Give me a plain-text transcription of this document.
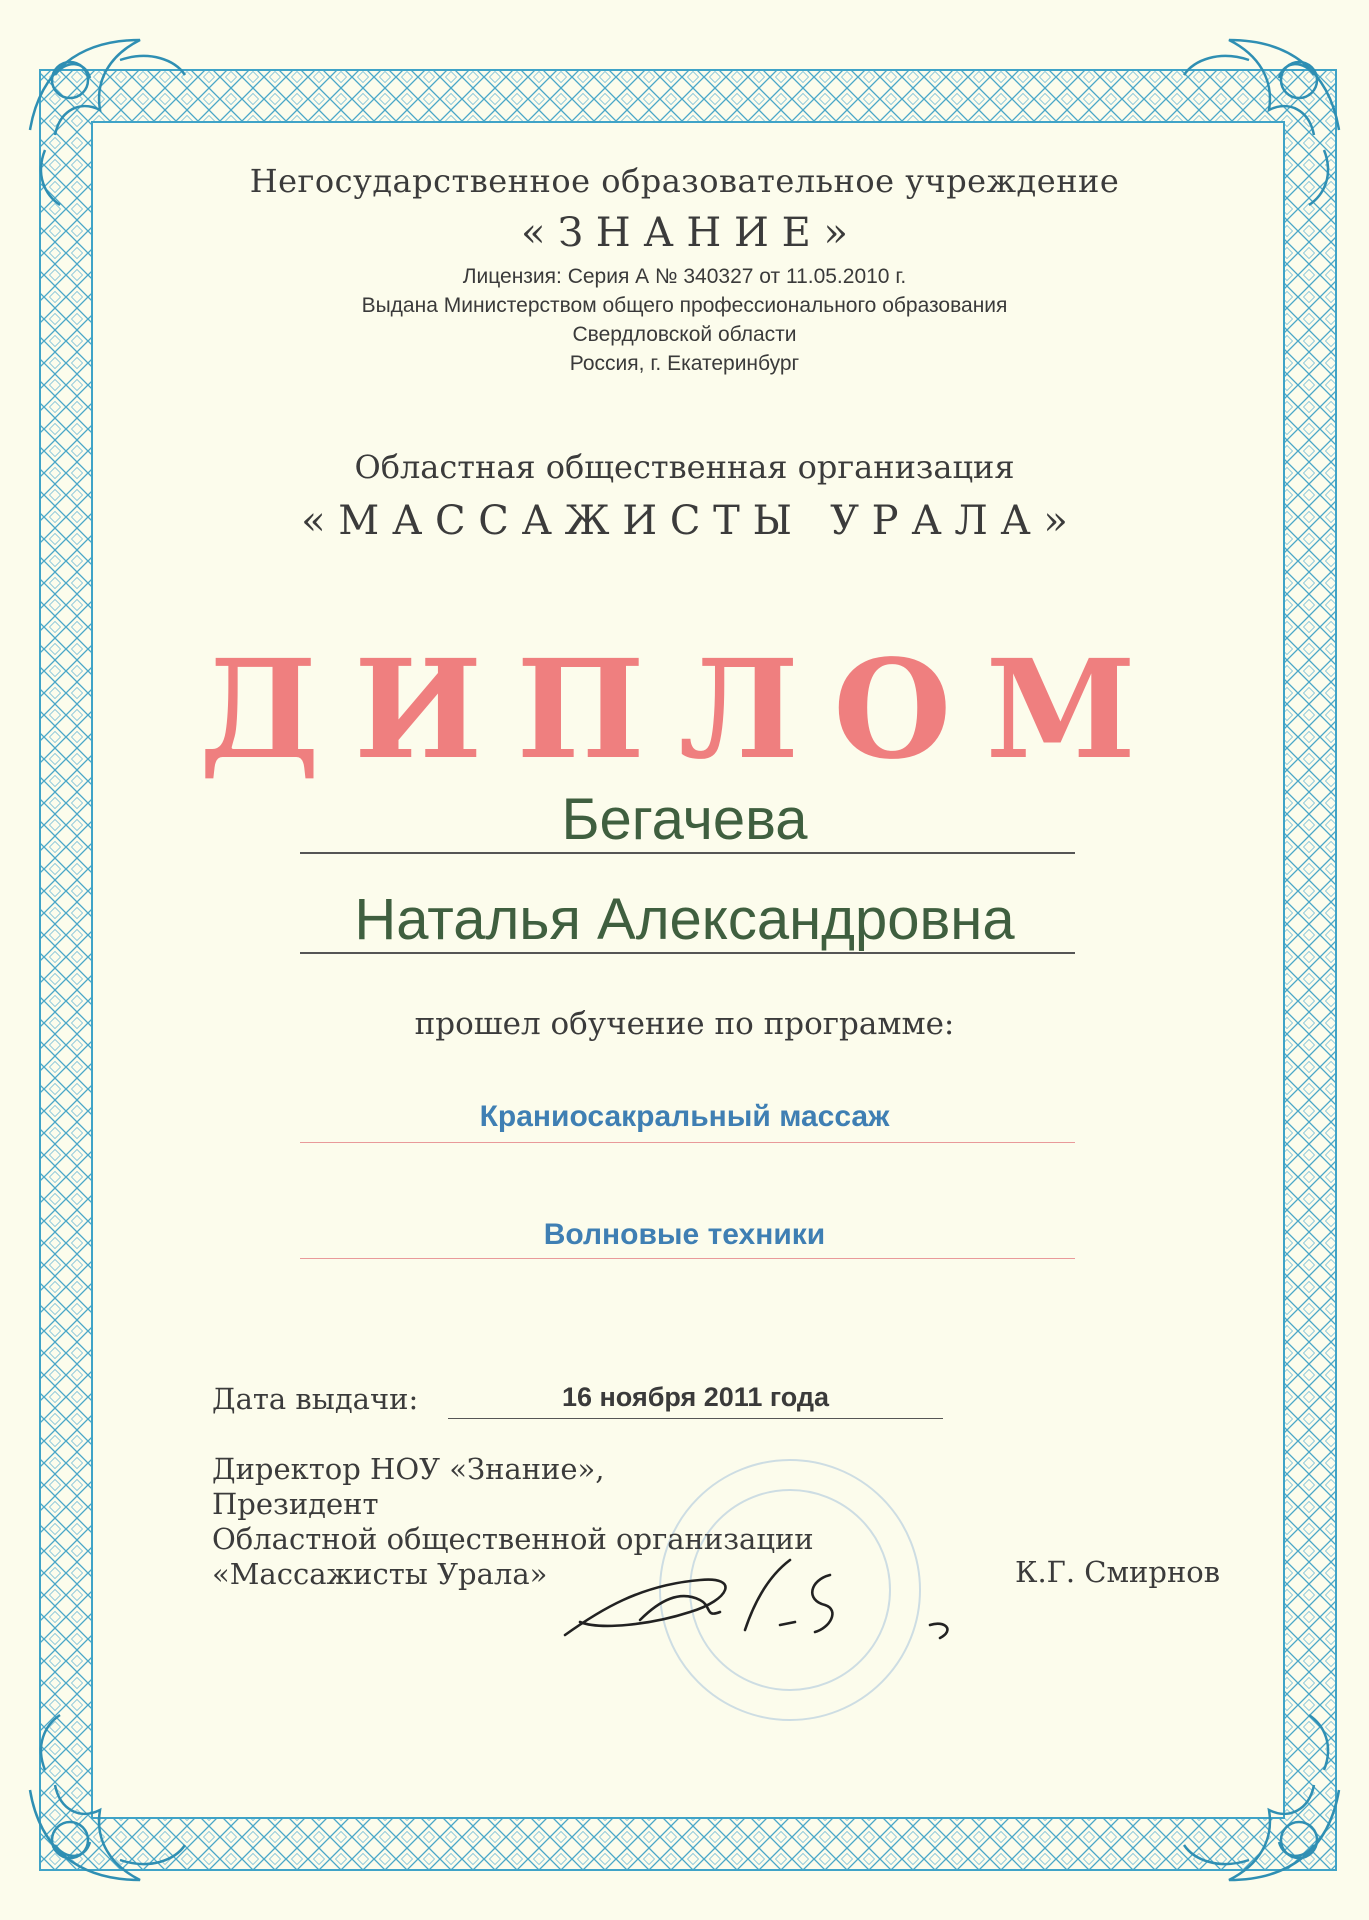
Негосударственное образовательное учреждение
« З Н А Н И Е »
Лицензия: Серия А № 340327 от 11.05.2010 г.
Выдана Министерством общего профессионального образования
Свердловской области
Россия, г. Екатеринбург
Областная общественная организация
« М А С С А Ж И С Т Ы   У Р А Л А »
ДИПЛОМ
Бегачева
Наталья Александровна
прошел обучение по программе:
Краниосакральный массаж
Волновые техники
Дата выдачи:	16 ноября 2011 года
Директор НОУ «Знание»,
Президент
Областной общественной организации
«Массажисты Урала»	К.Г. Смирнов
